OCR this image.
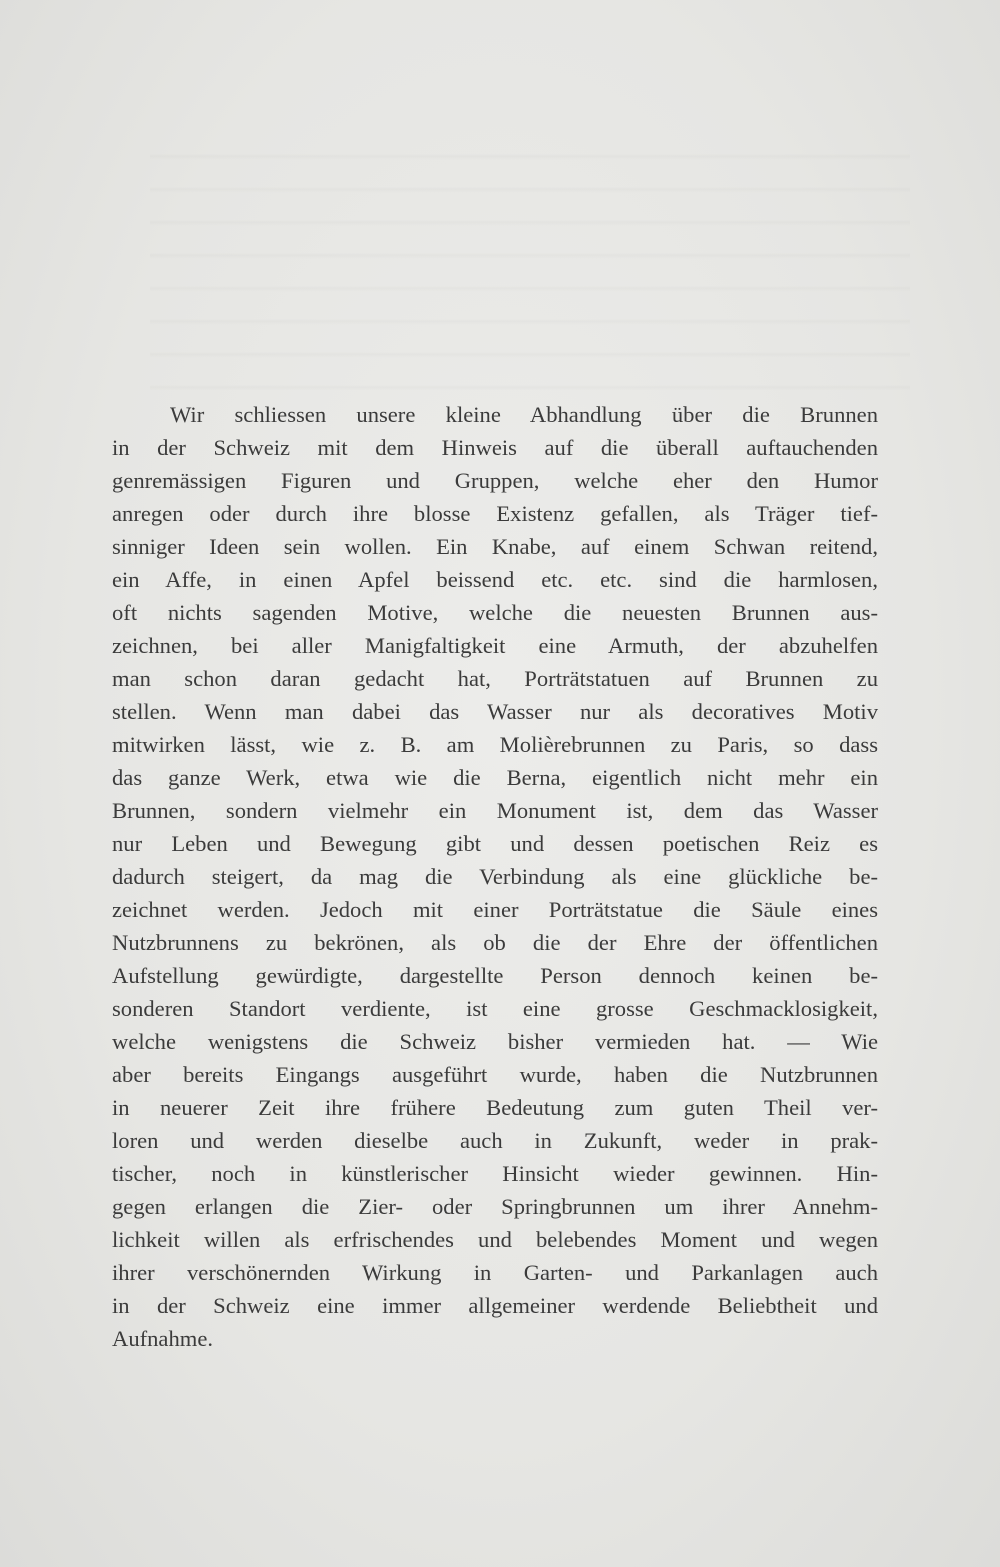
Wir schliessen unsere kleine Abhandlung über die Brunnen
in der Schweiz mit dem Hinweis auf die überall auftauchenden
genremässigen Figuren und Gruppen, welche eher den Humor
anregen oder durch ihre blosse Existenz gefallen, als Träger tief-
sinniger Ideen sein wollen. Ein Knabe, auf einem Schwan reitend,
ein Affe, in einen Apfel beissend etc. etc. sind die harmlosen,
oft nichts sagenden Motive, welche die neuesten Brunnen aus-
zeichnen, bei aller Manigfaltigkeit eine Armuth, der abzuhelfen
man schon daran gedacht hat, Porträtstatuen auf Brunnen zu
stellen. Wenn man dabei das Wasser nur als decoratives Motiv
mitwirken lässt, wie z. B. am Molièrebrunnen zu Paris, so dass
das ganze Werk, etwa wie die Berna, eigentlich nicht mehr ein
Brunnen, sondern vielmehr ein Monument ist, dem das Wasser
nur Leben und Bewegung gibt und dessen poetischen Reiz es
dadurch steigert, da mag die Verbindung als eine glückliche be-
zeichnet werden. Jedoch mit einer Porträtstatue die Säule eines
Nutzbrunnens zu bekrönen, als ob die der Ehre der öffentlichen
Aufstellung gewürdigte, dargestellte Person dennoch keinen be-
sonderen Standort verdiente, ist eine grosse Geschmacklosigkeit,
welche wenigstens die Schweiz bisher vermieden hat. — Wie
aber bereits Eingangs ausgeführt wurde, haben die Nutzbrunnen
in neuerer Zeit ihre frühere Bedeutung zum guten Theil ver-
loren und werden dieselbe auch in Zukunft, weder in prak-
tischer, noch in künstlerischer Hinsicht wieder gewinnen. Hin-
gegen erlangen die Zier- oder Springbrunnen um ihrer Annehm-
lichkeit willen als erfrischendes und belebendes Moment und wegen
ihrer verschönernden Wirkung in Garten- und Parkanlagen auch
in der Schweiz eine immer allgemeiner werdende Beliebtheit und
Aufnahme.
